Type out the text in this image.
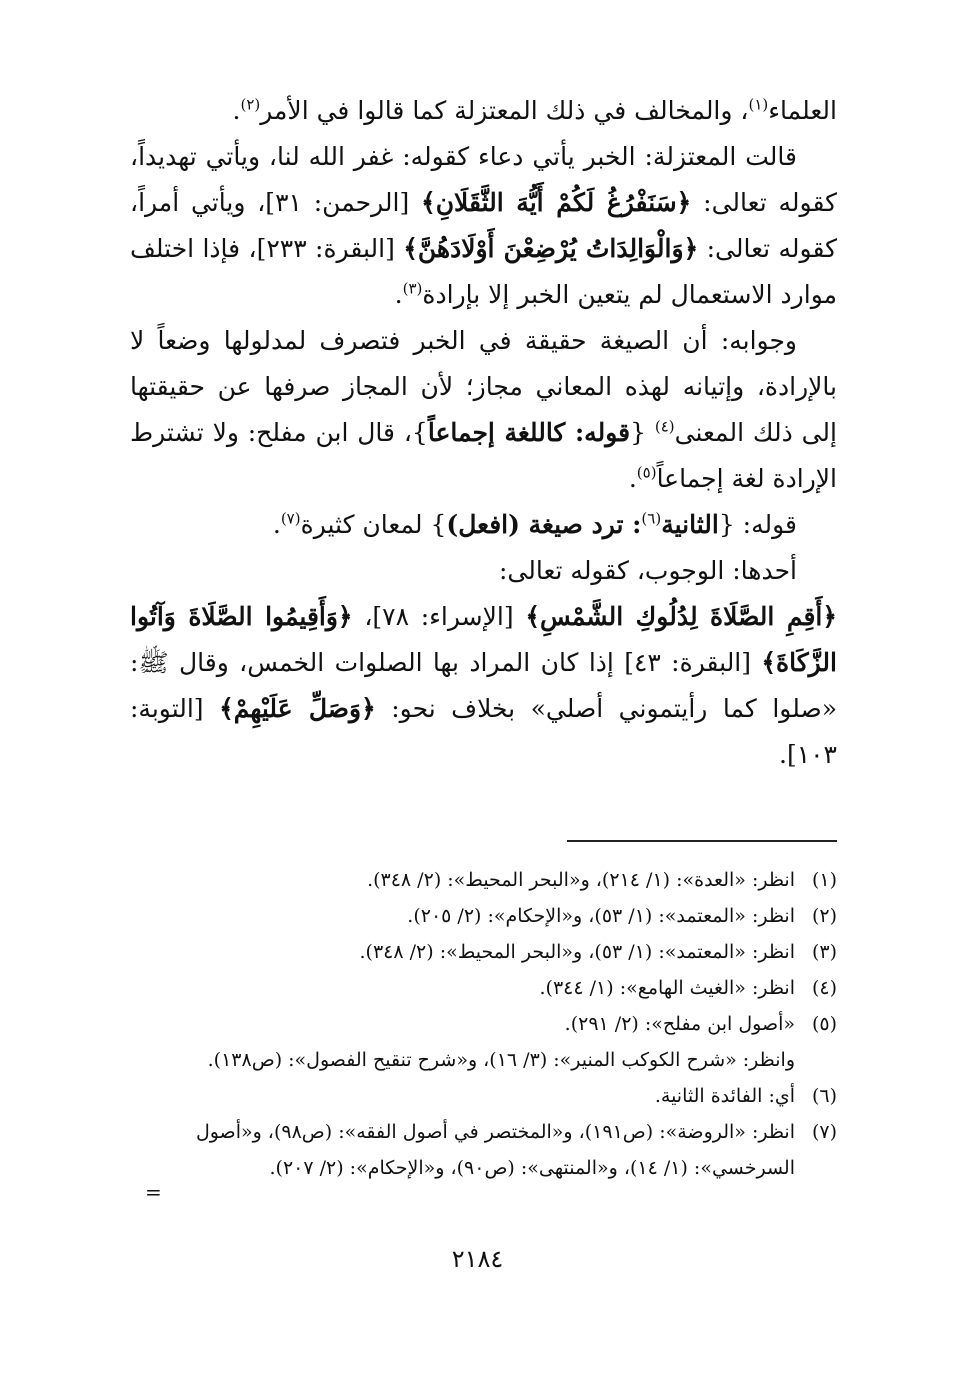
العلماء$^{(١)}$، والمخالف في ذلك المعتزلة كما قالوا في الأمر$^{(٢)}$.

قالت المعتزلة: الخبر يأتي دعاء كقوله: غفر الله لنا، ويأتي تهديداً، كقوله تعالى: ﴿سَنَفْرُغُ لَكُمْ أَيُّهَ الثَّقَلَانِ﴾ [الرحمن: ٣١]، ويأتي أمراً، كقوله تعالى: ﴿وَالْوَالِدَاتُ يُرْضِعْنَ أَوْلَادَهُنَّ﴾ [البقرة: ٢٣٣]، فإذا اختلف موارد الاستعمال لم يتعين الخبر إلا بإرادة$^{(٣)}$.

وجوابه: أن الصيغة حقيقة في الخبر فتصرف لمدلولها وضعاً لا بالإرادة، وإتيانه لهذه المعاني مجاز؛ لأن المجاز صرفها عن حقيقتها إلى ذلك المعنى$^{(٤)}$ {قوله: كاللغة إجماعاً}، قال ابن مفلح: ولا تشترط الإرادة لغة إجماعاً$^{(٥)}$.

قوله: {الثانية$^{(٦)}$: ترد صيغة (افعل)} لمعان كثيرة$^{(٧)}$.

أحدها: الوجوب، كقوله تعالى:

﴿أَقِمِ الصَّلَاةَ لِدُلُوكِ الشَّمْسِ﴾ [الإسراء: ٧٨]، ﴿وَأَقِيمُوا الصَّلَاةَ وَآتُوا الزَّكَاةَ﴾ [البقرة: ٤٣] إذا كان المراد بها الصلوات الخمس، وقال ﷺ: «صلوا كما رأيتموني أصلي» بخلاف نحو: ﴿وَصَلِّ عَلَيْهِمْ﴾ [التوبة: ١٠٣].

(١)
انظر: «العدة»: (١/ ٢١٤)، و«البحر المحيط»: (٢/ ٣٤٨).
(٢)
انظر: «المعتمد»: (١/ ٥٣)، و«الإحكام»: (٢/ ٢٠٥).
(٣)
انظر: «المعتمد»: (١/ ٥٣)، و«البحر المحيط»: (٢/ ٣٤٨).
(٤)
انظر: «الغيث الهامع»: (١/ ٣٤٤).
(٥)
«أصول ابن مفلح»: (٢/ ٢٩١).
وانظر: «شرح الكوكب المنير»: (٣/ ١٦)، و«شرح تنقيح الفصول»: (ص١٣٨).
(٦)
أي: الفائدة الثانية.
(٧)
انظر: «الروضة»: (ص١٩١)، و«المختصر في أصول الفقه»: (ص٩٨)، و«أصول السرخسي»: (١/ ١٤)، و«المنتهى»: (ص٩٠)، و«الإحكام»: (٢/ ٢٠٧).
=
٢١٨٤
